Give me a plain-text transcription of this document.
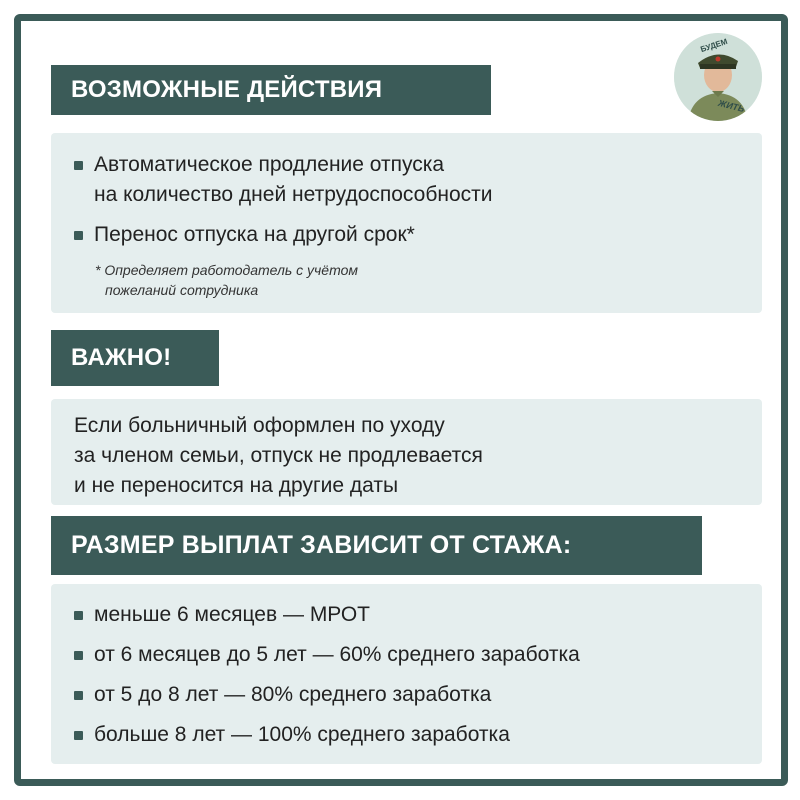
БУДЕМ
ЖИТЬ
ВОЗМОЖНЫЕ ДЕЙСТВИЯ
Автоматическое продление отпуска
на количество дней нетрудоспособности
Перенос отпуска на другой срок*
* Определяет работодатель с учётом
пожеланий сотрудника
ВАЖНО!
Если больничный оформлен по уходу
за членом семьи, отпуск не продлевается
и не переносится на другие даты
РАЗМЕР ВЫПЛАТ ЗАВИСИТ ОТ СТАЖА:
меньше 6 месяцев — МРОТ
от 6 месяцев до 5 лет — 60% среднего заработка
от 5 до 8 лет — 80% среднего заработка
больше 8 лет — 100% среднего заработка
